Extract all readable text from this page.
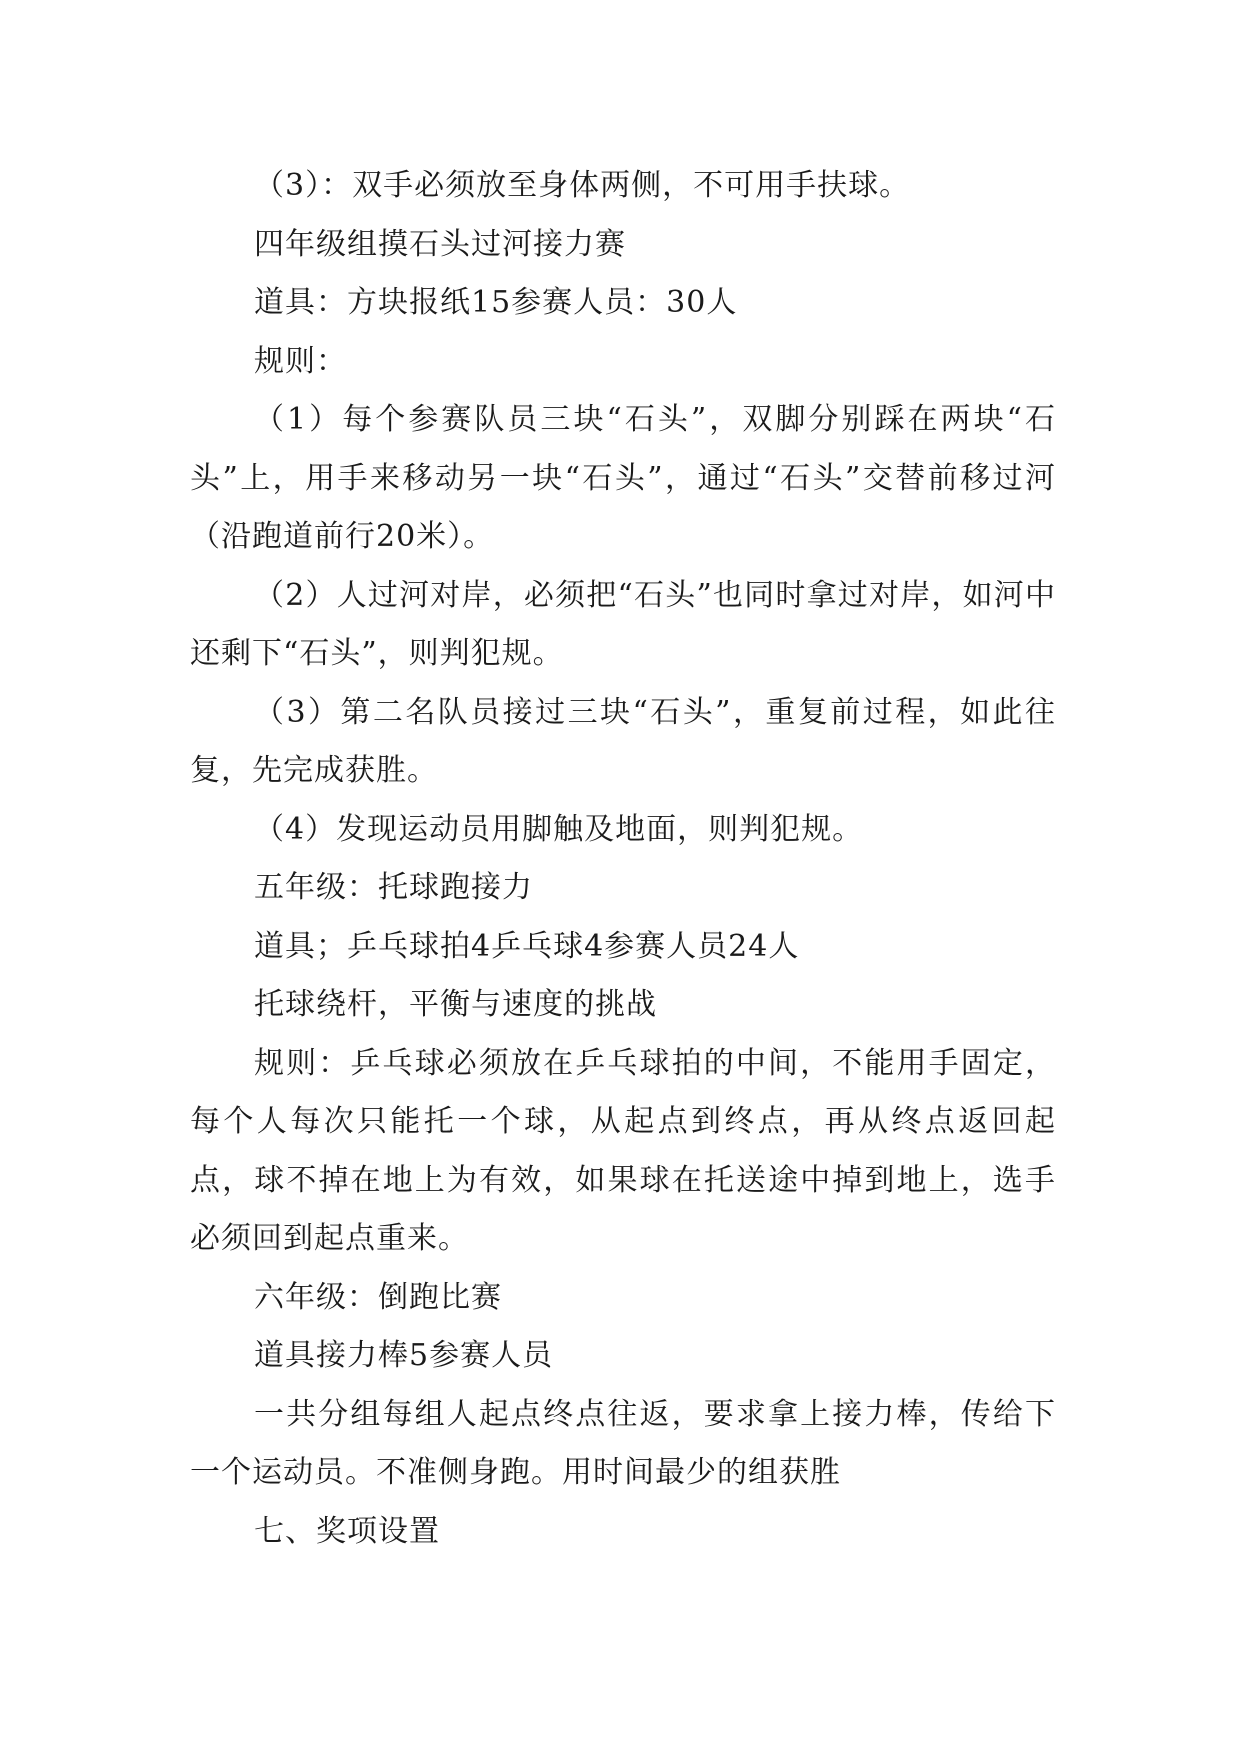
（3）：双手必须放至身体两侧，不可用手扶球。

四年级组摸石头过河接力赛

道具：方块报纸15参赛人员：30人

规则：

（1）每个参赛队员三块“石头”，双脚分别踩在两块“石头”上，用手来移动另一块“石头”，通过“石头”交替前移过河（沿跑道前行20米）。

（2）人过河对岸，必须把“石头”也同时拿过对岸，如河中还剩下“石头”，则判犯规。

（3）第二名队员接过三块“石头”，重复前过程，如此往复，先完成获胜。

（4）发现运动员用脚触及地面，则判犯规。

五年级：托球跑接力

道具；乒乓球拍4乒乓球4参赛人员24人

托球绕杆，平衡与速度的挑战

规则：乒乓球必须放在乒乓球拍的中间，不能用手固定，每个人每次只能托一个球，从起点到终点，再从终点返回起点，球不掉在地上为有效，如果球在托送途中掉到地上，选手必须回到起点重来。

六年级：倒跑比赛

道具接力棒5参赛人员

一共分组每组人起点终点往返，要求拿上接力棒，传给下一个运动员。不准侧身跑。用时间最少的组获胜

七、奖项设置
